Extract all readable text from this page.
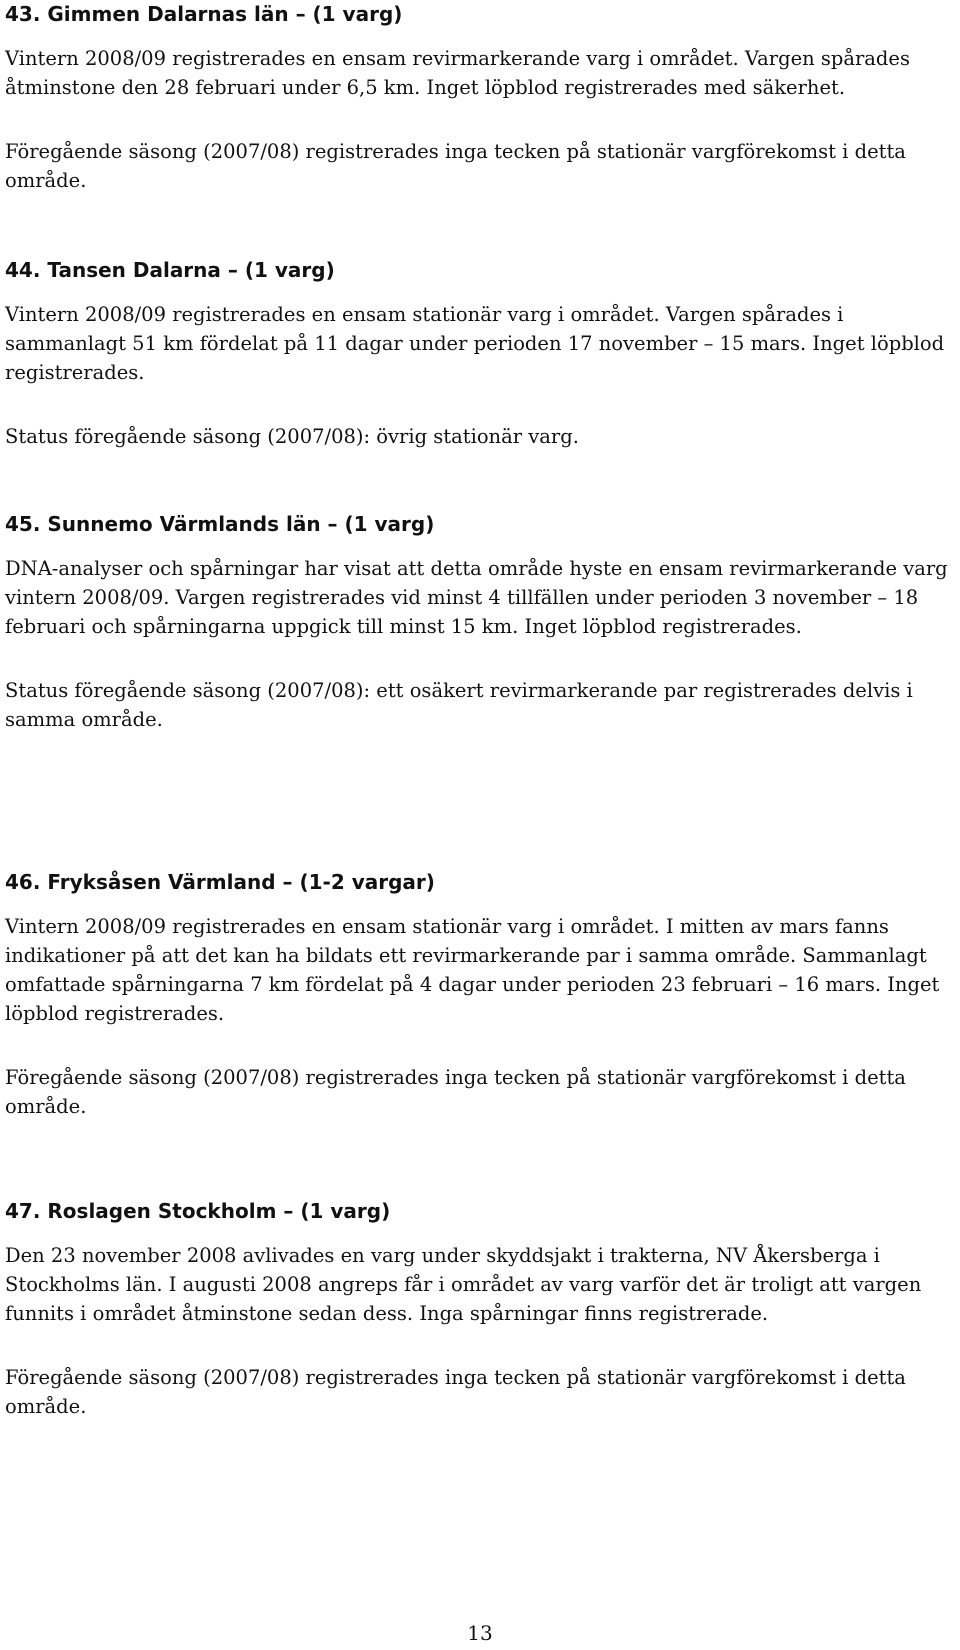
43. Gimmen Dalarnas län – (1 varg)

Vintern 2008/09 registrerades en ensam revirmarkerande varg i området. Vargen spårades åtminstone den 28 februari under 6,5 km. Inget löpblod registrerades med säkerhet.

Föregående säsong (2007/08) registrerades inga tecken på stationär vargförekomst i detta område.

44. Tansen Dalarna – (1 varg)

Vintern 2008/09 registrerades en ensam stationär varg i området. Vargen spårades i sammanlagt 51 km fördelat på 11 dagar under perioden 17 november – 15 mars. Inget löpblod registrerades.

Status föregående säsong (2007/08): övrig stationär varg.

45. Sunnemo Värmlands län – (1 varg)

DNA-analyser och spårningar har visat att detta område hyste en ensam revirmarkerande varg vintern 2008/09. Vargen registrerades vid minst 4 tillfällen under perioden 3 november – 18 februari och spårningarna uppgick till minst 15 km. Inget löpblod registrerades.

Status föregående säsong (2007/08): ett osäkert revirmarkerande par registrerades delvis i samma område.

46. Fryksåsen Värmland – (1-2 vargar)

Vintern 2008/09 registrerades en ensam stationär varg i området. I mitten av mars fanns indikationer på att det kan ha bildats ett revirmarkerande par i samma område. Sammanlagt omfattade spårningarna 7 km fördelat på 4 dagar under perioden 23 februari – 16 mars. Inget löpblod registrerades.

Föregående säsong (2007/08) registrerades inga tecken på stationär vargförekomst i detta område.

47. Roslagen Stockholm – (1 varg)

Den 23 november 2008 avlivades en varg under skyddsjakt i trakterna, NV Åkersberga i Stockholms län. I augusti 2008 angreps får i området av varg varför det är troligt att vargen funnits i området åtminstone sedan dess. Inga spårningar finns registrerade.

Föregående säsong (2007/08) registrerades inga tecken på stationär vargförekomst i detta område.

13
